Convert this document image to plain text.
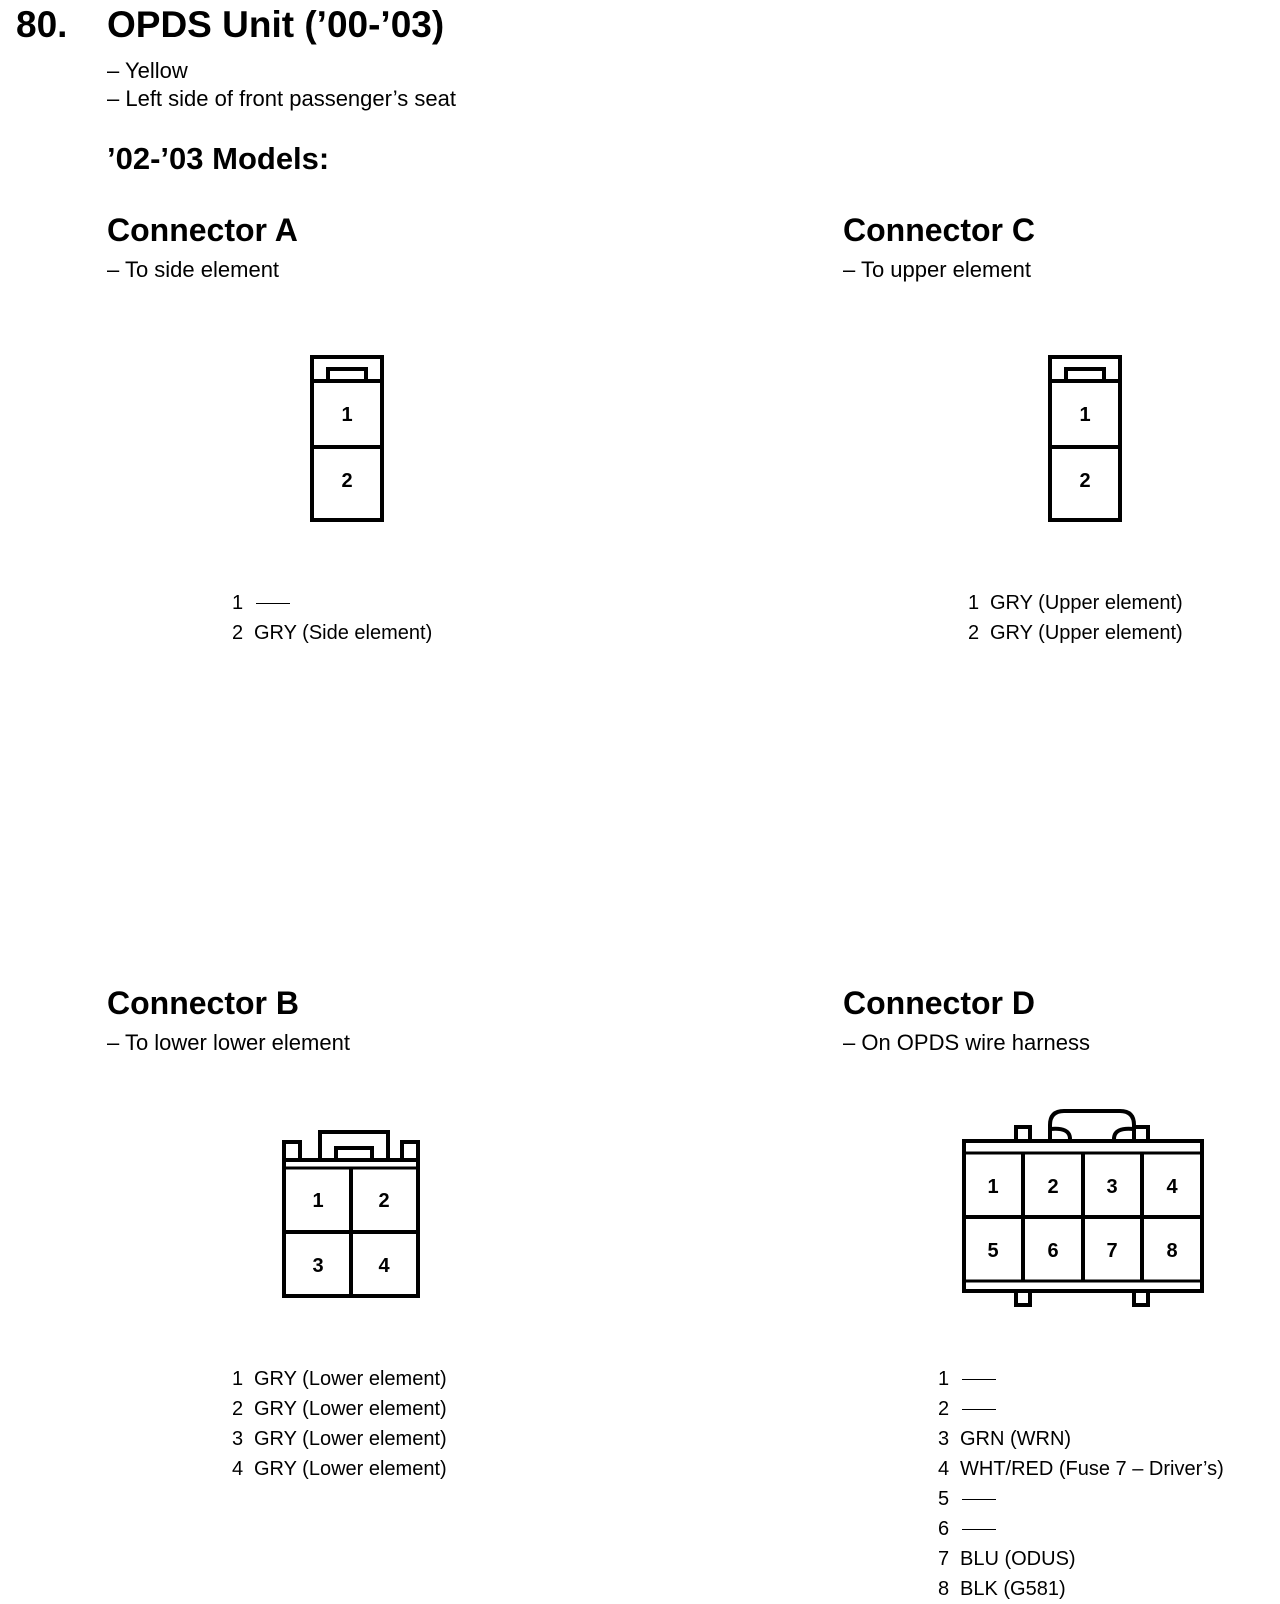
80. OPDS Unit (’00-’03)
– Yellow
– Left side of front passenger’s seat
’02-’03 Models:
Connector A
– To side element
1
2
1
2 GRY (Side element)
Connector C
– To upper element
1
2
1 GRY (Upper element)
2 GRY (Upper element)
Connector B
– To lower lower element
1	2
3	4
1 GRY (Lower element)
2 GRY (Lower element)
3 GRY (Lower element)
4 GRY (Lower element)
Connector D
– On OPDS wire harness
1 2 3 4
5 6 7 8
1
2
3 GRN (WRN)
4 WHT/RED (Fuse 7 – Driver’s)
5
6
7 BLU (ODUS)
8 BLK (G581)
